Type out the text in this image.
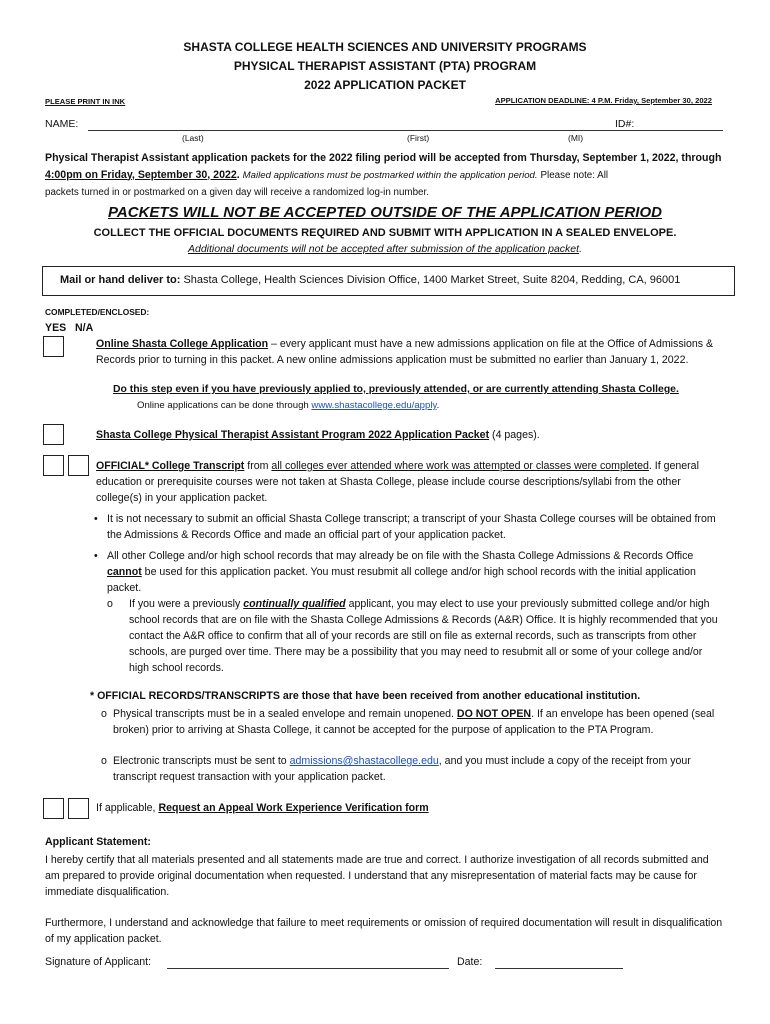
SHASTA COLLEGE HEALTH SCIENCES AND UNIVERSITY PROGRAMS
PHYSICAL THERAPIST ASSISTANT (PTA) PROGRAM
2022 APPLICATION PACKET
PLEASE PRINT IN INK	APPLICATION DEADLINE: 4 P.M. Friday, September 30, 2022
NAME:	ID#:
(Last)	(First)	(MI)
Physical Therapist Assistant application packets for the 2022 filing period will be accepted from Thursday, September 1, 2022, through 4:00pm on Friday, September 30, 2022. Mailed applications must be postmarked within the application period. Please note: All
packets turned in or postmarked on a given day will receive a randomized log-in number.
PACKETS WILL NOT BE ACCEPTED OUTSIDE OF THE APPLICATION PERIOD
COLLECT THE OFFICIAL DOCUMENTS REQUIRED AND SUBMIT WITH APPLICATION IN A SEALED ENVELOPE.
Additional documents will not be accepted after submission of the application packet.
Mail or hand deliver to: Shasta College, Health Sciences Division Office, 1400 Market Street, Suite 8204, Redding, CA, 96001
COMPLETED/ENCLOSED:
YES   N/A
Online Shasta College Application – every applicant must have a new admissions application on file at the Office of Admissions & Records prior to turning in this packet. A new online admissions application must be submitted no earlier than January 1, 2022.
Do this step even if you have previously applied to, previously attended, or are currently attending Shasta College.
Online applications can be done through www.shastacollege.edu/apply.
Shasta College Physical Therapist Assistant Program 2022 Application Packet (4 pages).
OFFICIAL* College Transcript from all colleges ever attended where work was attempted or classes were completed. If general education or prerequisite courses were not taken at Shasta College, please include course descriptions/syllabi from the other college(s) in your application packet.
• It is not necessary to submit an official Shasta College transcript; a transcript of your Shasta College courses will be obtained from the Admissions & Records Office and made an official part of your application packet.
• All other College and/or high school records that may already be on file with the Shasta College Admissions & Records Office cannot be used for this application packet. You must resubmit all college and/or high school records with the initial application packet.
o If you were a previously continually qualified applicant, you may elect to use your previously submitted college and/or high school records that are on file with the Shasta College Admissions & Records (A&R) Office. It is highly recommended that you contact the A&R office to confirm that all of your records are still on file as external records, such as transcripts from other schools, are purged over time. There may be a possibility that you may need to resubmit all or some of your college and/or high school records.
* OFFICIAL RECORDS/TRANSCRIPTS are those that have been received from another educational institution.
o Physical transcripts must be in a sealed envelope and remain unopened. DO NOT OPEN. If an envelope has been opened (seal broken) prior to arriving at Shasta College, it cannot be accepted for the purpose of application to the PTA Program.
o Electronic transcripts must be sent to admissions@shastacollege.edu, and you must include a copy of the receipt from your transcript request transaction with your application packet.
If applicable, Request an Appeal Work Experience Verification form
Applicant Statement:
I hereby certify that all materials presented and all statements made are true and correct. I authorize investigation of all records submitted and am prepared to provide original documentation when requested. I understand that any misrepresentation of material facts may be cause for immediate disqualification.
Furthermore, I understand and acknowledge that failure to meet requirements or omission of required documentation will result in disqualification of my application packet.
Signature of Applicant:	Date:
